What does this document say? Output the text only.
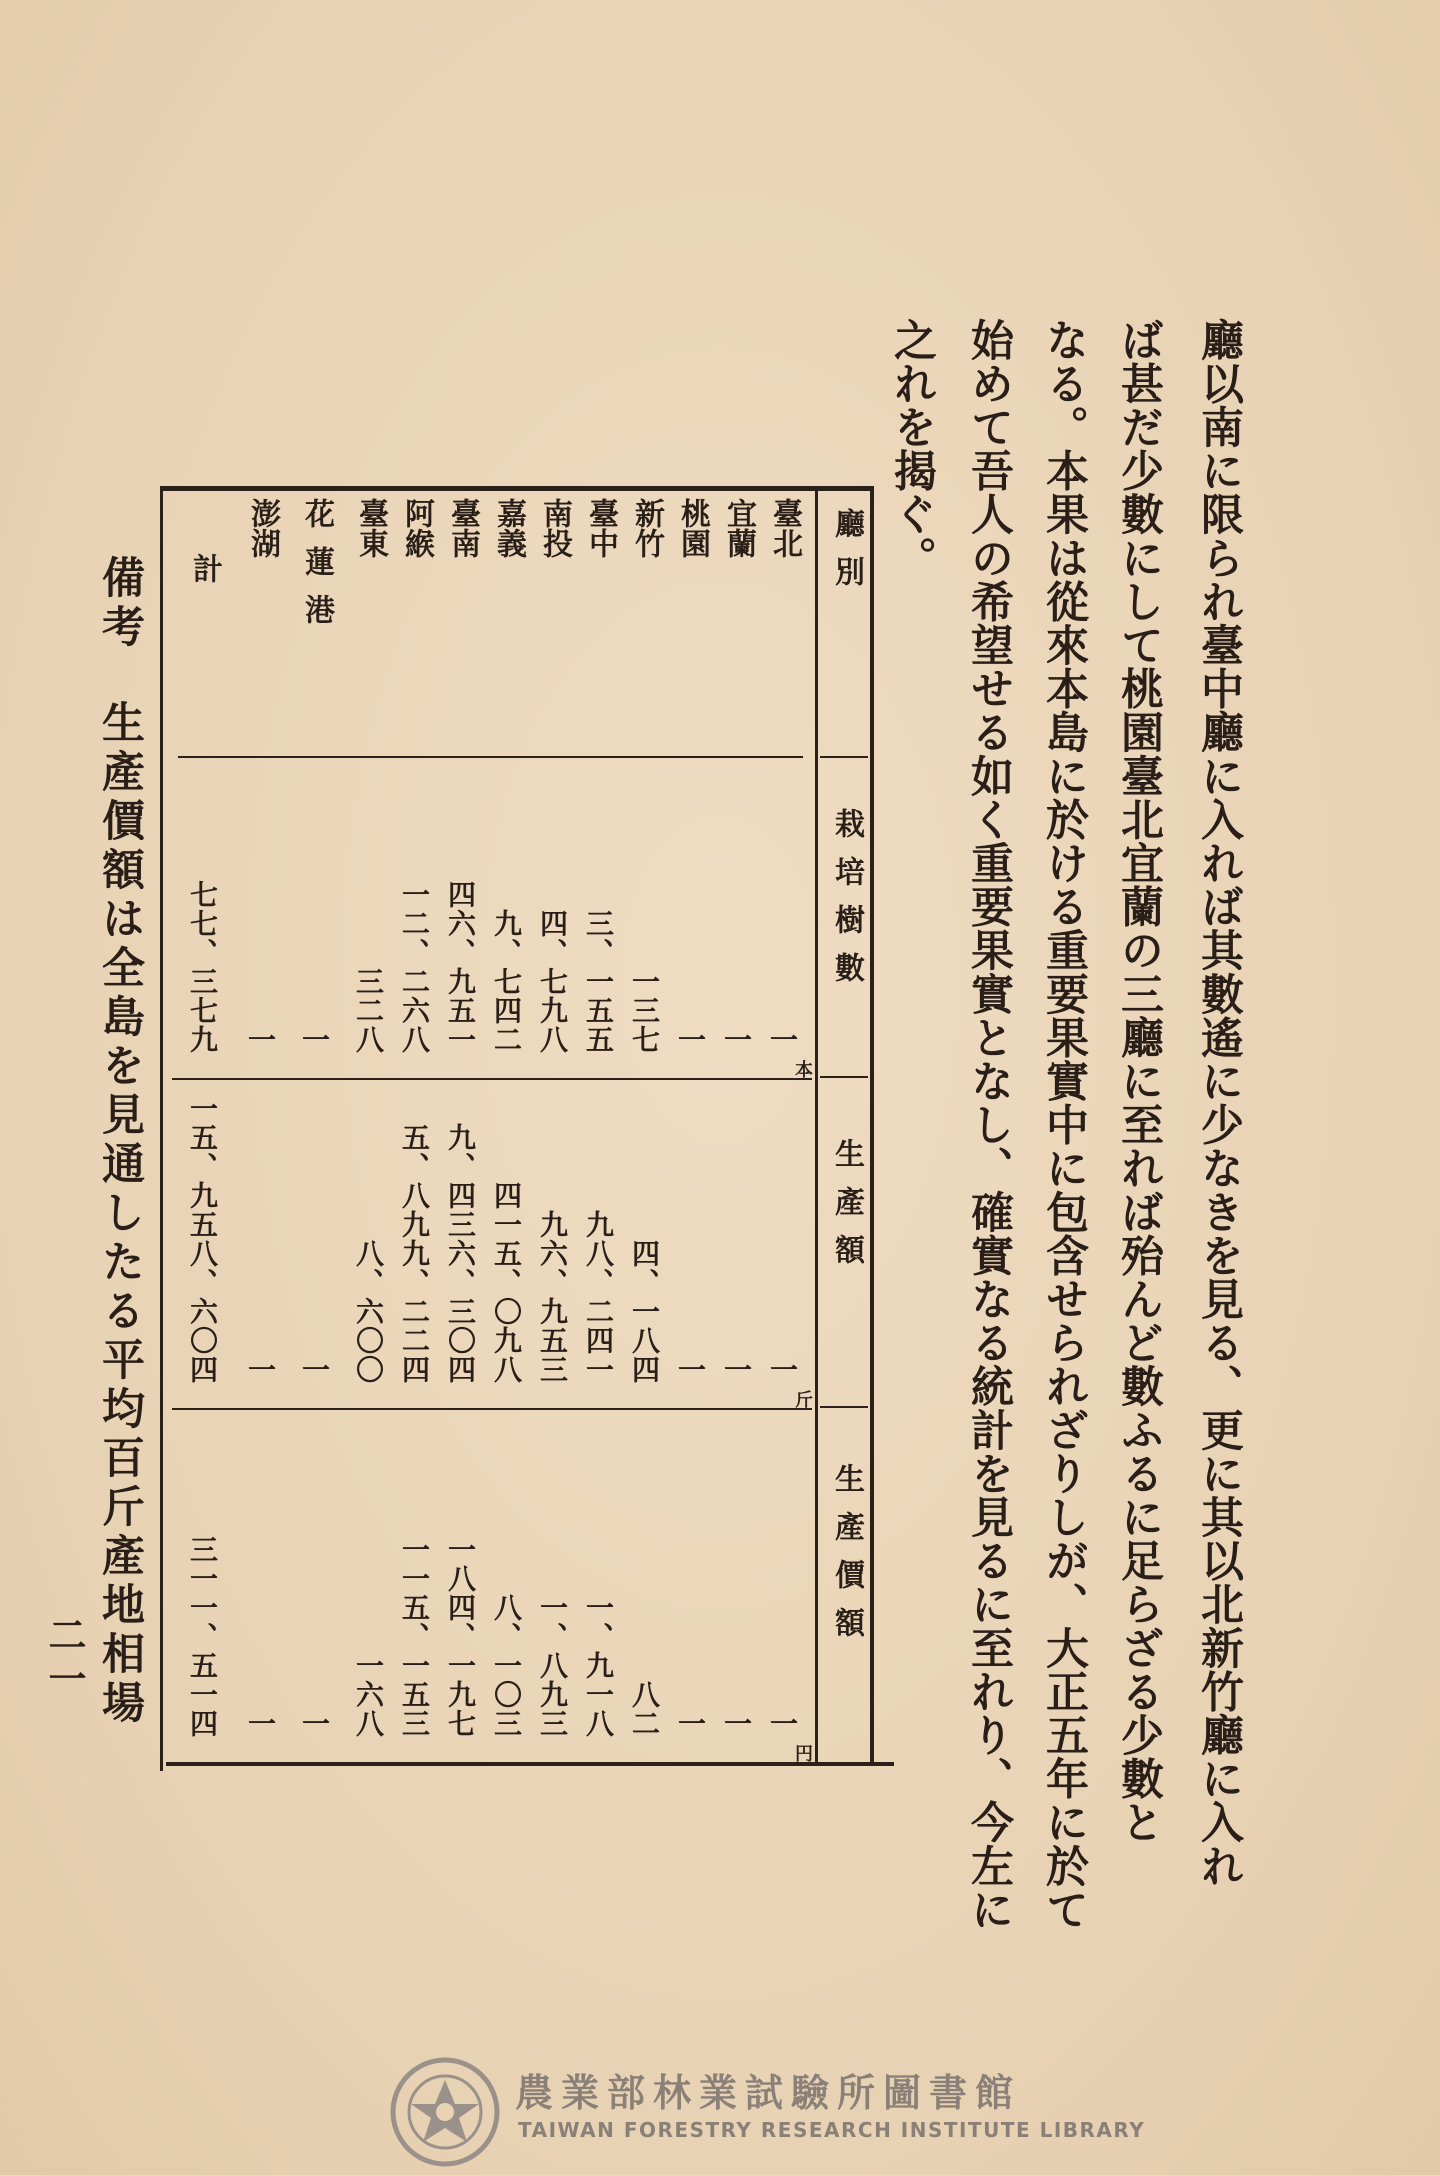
廳以南に限られ臺中廳に入れば其數遙に少なきを見る、更に其以北新竹廳に入れ
ば甚だ少數にして桃園臺北宜蘭の三廳に至れば殆んど數ふるに足らざる少數と
なる。本果は從來本島に於ける重要果實中に包含せられざりしが、大正五年に於て
始めて吾人の希望せる如く重要果實となし、確實なる統計を見るに至れり、今左に
之れを揭ぐ。
備考
生產價額は全島を見通したる平均百斤產地相場
二一
廳別
栽培樹數
生產額
生產價額
本
斤
円
臺北
宜蘭
桃園
新竹
臺中
南投
嘉義
臺南
阿緱
臺東
花蓮港
澎湖
計
一
一
一
一三七
三、一五五
四、七九八
九、七四二
四六、九五一
一二、二六八
三二八
一
一
七七、三七九
一
一
一
四、一八四
九八、二四一
九六、九五三
四一五、〇九八
九、四三六、三〇四
五、八九九、二二四
八、六〇〇
一
一
一五、九五八、六〇四
一
一
一
八二
一、九一八
一、八九三
八、一〇三
一八四、一九七
一一五、一五三
一六八
一
一
三一一、五一四
農業部林業試驗所圖書館
TAIWAN FORESTRY RESEARCH INSTITUTE LIBRARY
